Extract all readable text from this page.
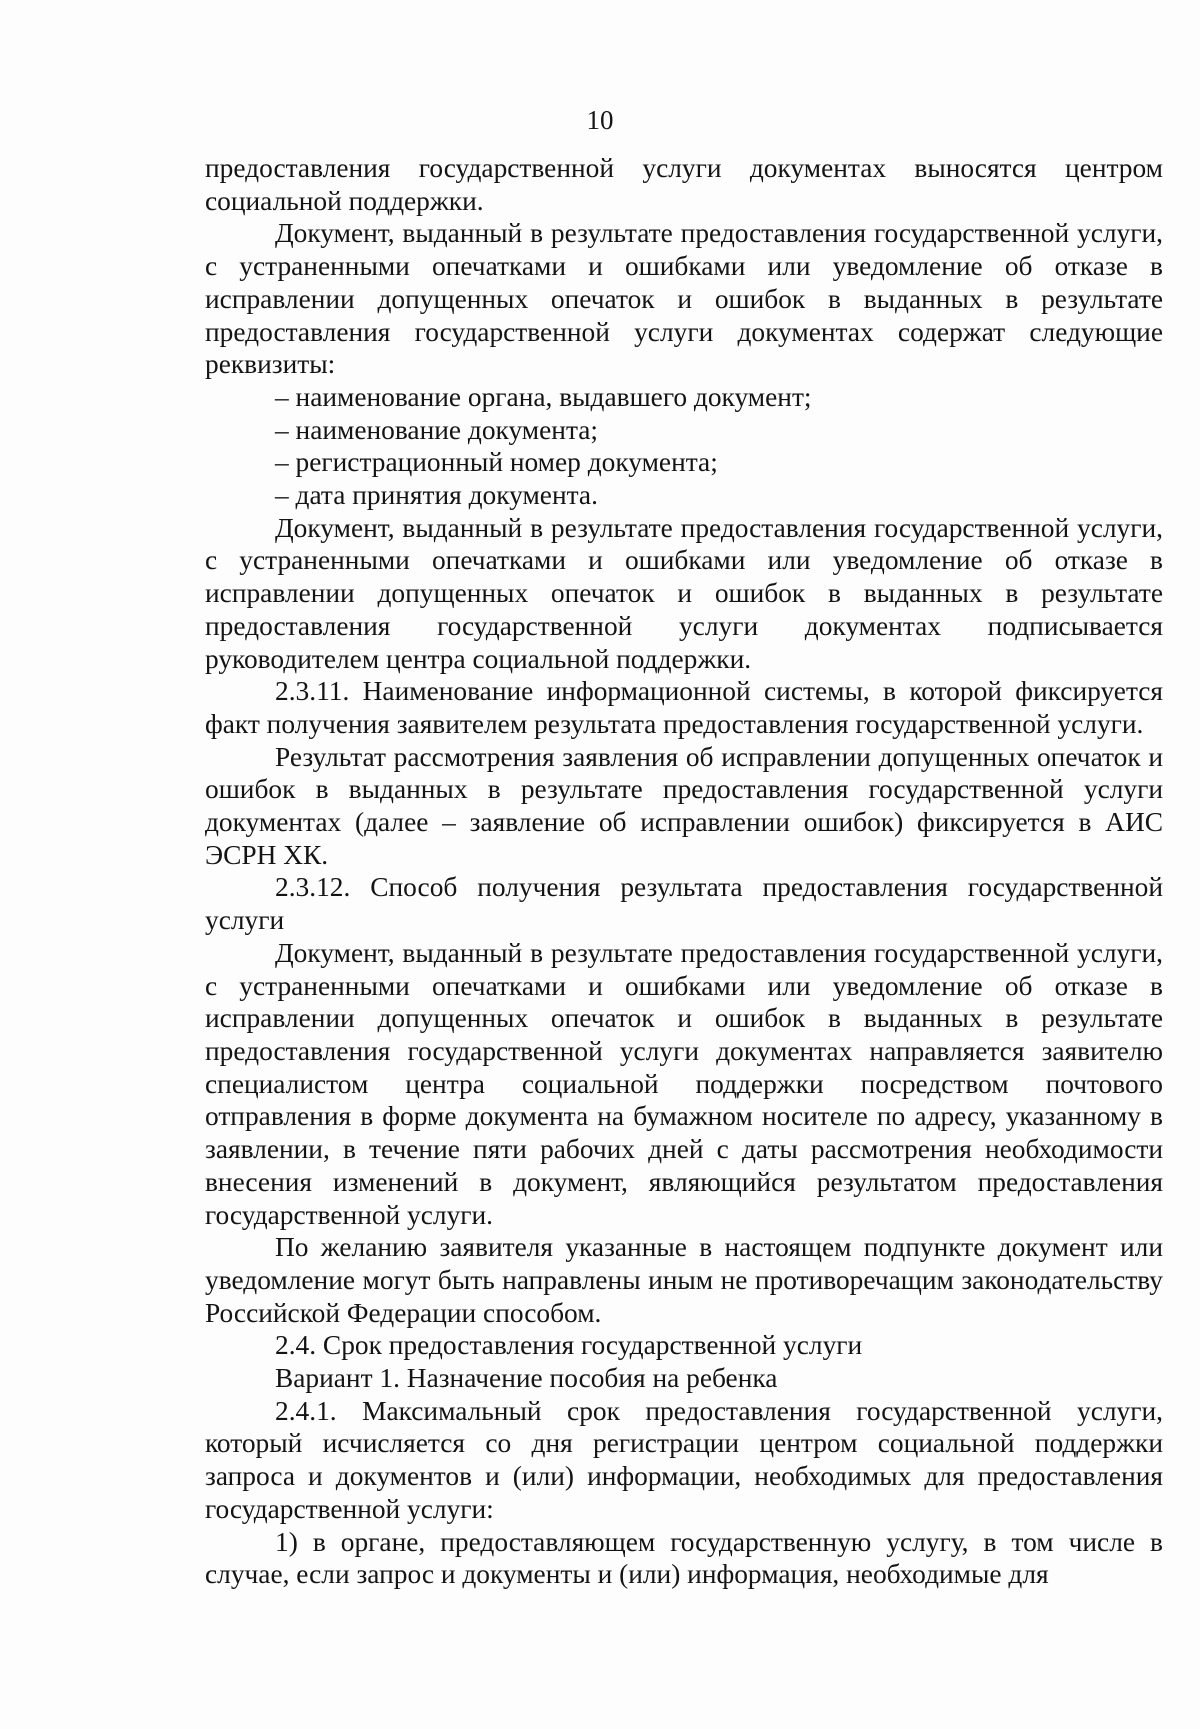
10

предоставления государственной услуги документах выносятся центром социальной поддержки.

Документ, выданный в результате предоставления государственной услуги, с устраненными опечатками и ошибками или уведомление об отказе в исправлении допущенных опечаток и ошибок в выданных в результате предоставления государственной услуги документах содержат следующие реквизиты:

– наименование органа, выдавшего документ;

– наименование документа;

– регистрационный номер документа;

– дата принятия документа.

Документ, выданный в результате предоставления государственной услуги, с устраненными опечатками и ошибками или уведомление об отказе в исправлении допущенных опечаток и ошибок в выданных в результате предоставления государственной услуги документах подписывается руководителем центра социальной поддержки.

2.3.11. Наименование информационной системы, в которой фиксируется факт получения заявителем результата предоставления государственной услуги.

Результат рассмотрения заявления об исправлении допущенных опечаток и ошибок в выданных в результате предоставления государственной услуги документах (далее – заявление об исправлении ошибок) фиксируется в АИС ЭСРН ХК.

2.3.12. Способ получения результата предоставления государственной услуги

Документ, выданный в результате предоставления государственной услуги, с устраненными опечатками и ошибками или уведомление об отказе в исправлении допущенных опечаток и ошибок в выданных в результате предоставления государственной услуги документах направляется заявителю специалистом центра социальной поддержки посредством почтового отправления в форме документа на бумажном носителе по адресу, указанному в заявлении, в течение пяти рабочих дней с даты рассмотрения необходимости внесения изменений в документ, являющийся результатом предоставления государственной услуги.

По желанию заявителя указанные в настоящем подпункте документ или уведомление могут быть направлены иным не противоречащим законодательству Российской Федерации способом.

2.4. Срок предоставления государственной услуги

Вариант 1. Назначение пособия на ребенка

2.4.1. Максимальный срок предоставления государственной услуги, который исчисляется со дня регистрации центром социальной поддержки запроса и документов и (или) информации, необходимых для предоставления государственной услуги:

1) в органе, предоставляющем государственную услугу, в том числе в случае, если запрос и документы и (или) информация, необходимые для
